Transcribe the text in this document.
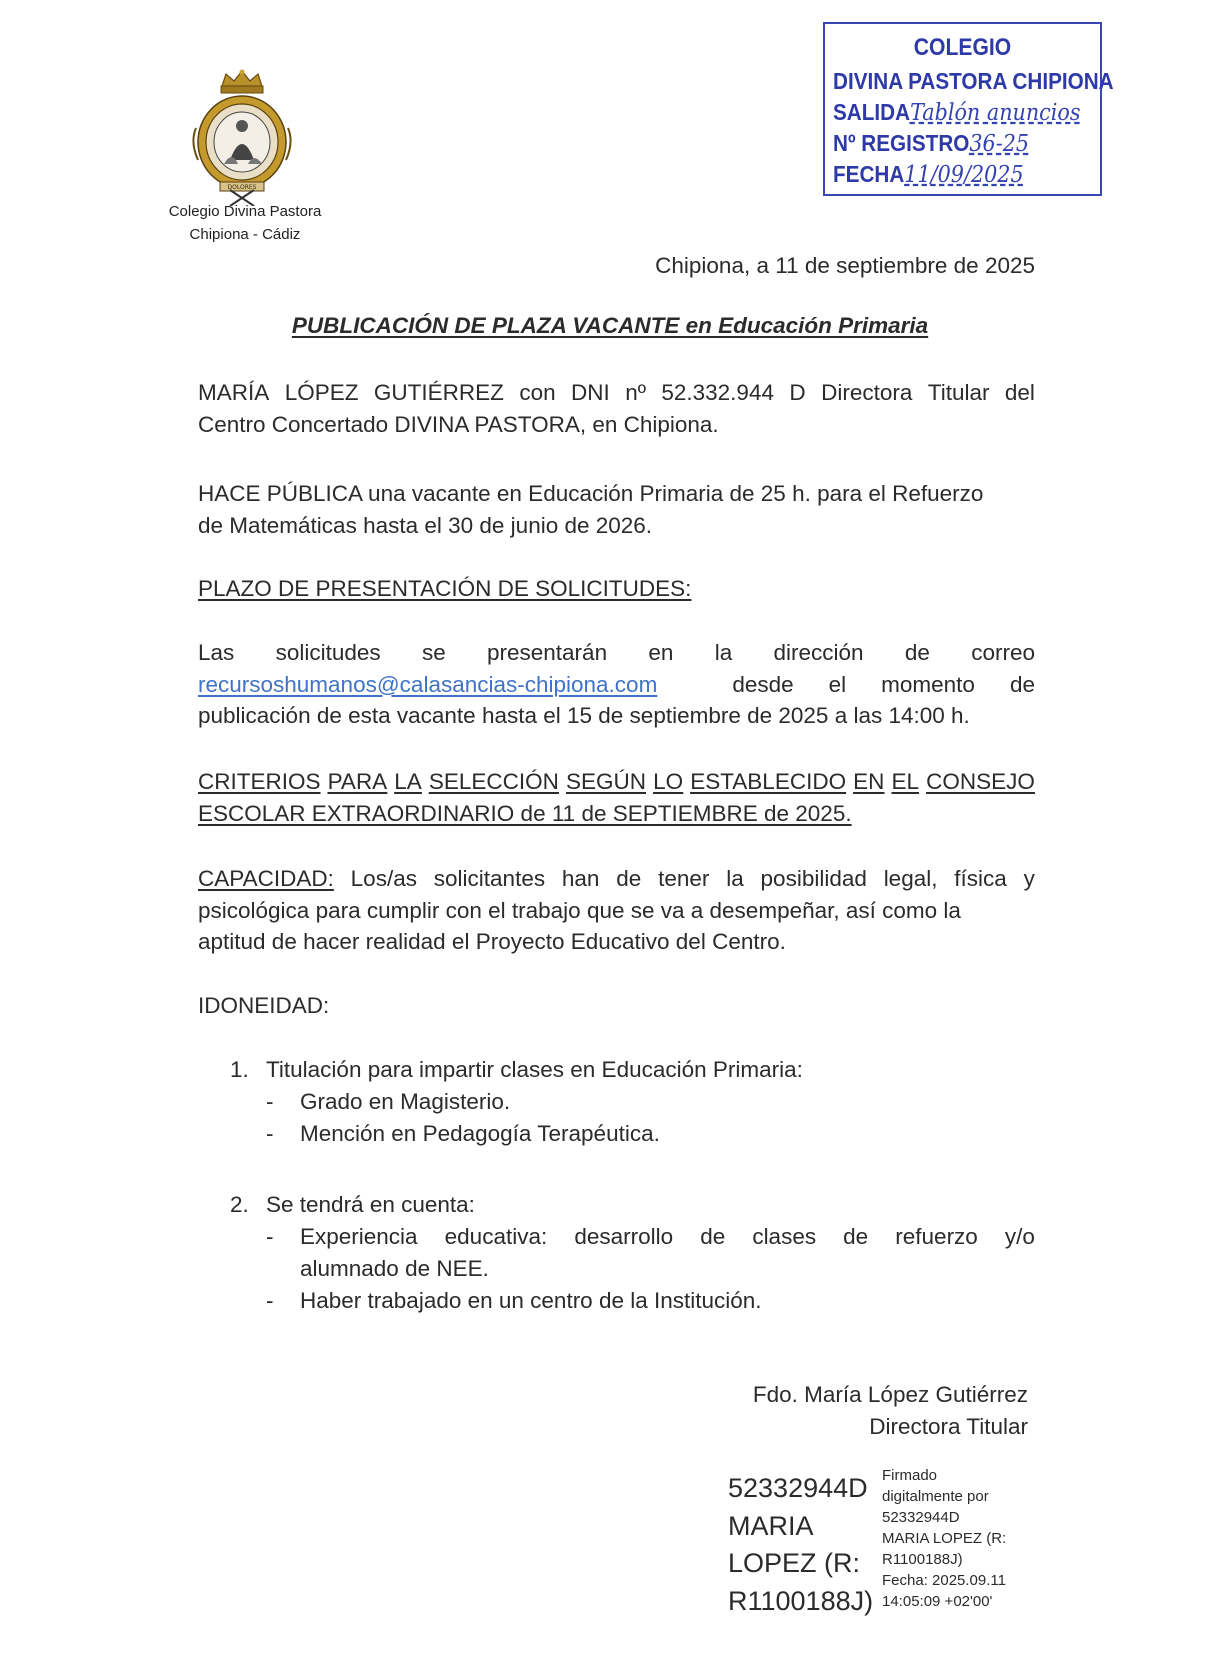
DOLORES
Colegio Divina Pastora
Chipiona - Cádiz
COLEGIO
DIVINA PASTORA CHIPIONA
SALIDATablón anuncios
Nº REGISTRO36-25
FECHA11/09/2025
Chipiona, a 11 de septiembre de 2025
PUBLICACIÓN DE PLAZA VACANTE en Educación Primaria
MARÍA LÓPEZ GUTIÉRREZ con DNI nº 52.332.944 D Directora Titular del
Centro Concertado DIVINA PASTORA, en Chipiona.
HACE PÚBLICA una vacante en Educación Primaria de 25 h. para el Refuerzo
de Matemáticas hasta el 30 de junio de 2026.
PLAZO DE PRESENTACIÓN DE SOLICITUDES:
Las solicitudes se presentarán en la dirección de correo
recursoshumanos@calasancias-chipiona.com	desde el momento de
publicación de esta vacante hasta el 15 de septiembre de 2025 a las 14:00 h.
CRITERIOS PARA LA SELECCIÓN SEGÚN LO ESTABLECIDO EN EL CONSEJO
ESCOLAR EXTRAORDINARIO de 11 de SEPTIEMBRE de 2025.
CAPACIDAD: Los/as solicitantes han de tener la posibilidad legal, física y
psicológica para cumplir con el trabajo que se va a desempeñar, así como la
aptitud de hacer realidad el Proyecto Educativo del Centro.
IDONEIDAD:
1. Titulación para impartir clases en Educación Primaria:
- Grado en Magisterio.
- Mención en Pedagogía Terapéutica.
2. Se tendrá en cuenta:
-	Experiencia educativa: desarrollo de clases de refuerzo y/o
alumnado de NEE.
- Haber trabajado en un centro de la Institución.
Fdo. María López Gutiérrez
Directora Titular
52332944D
MARIA
LOPEZ (R:
R1100188J)
Firmado
digitalmente por
52332944D
MARIA LOPEZ (R:
R1100188J)
Fecha: 2025.09.11
14:05:09 +02'00'
